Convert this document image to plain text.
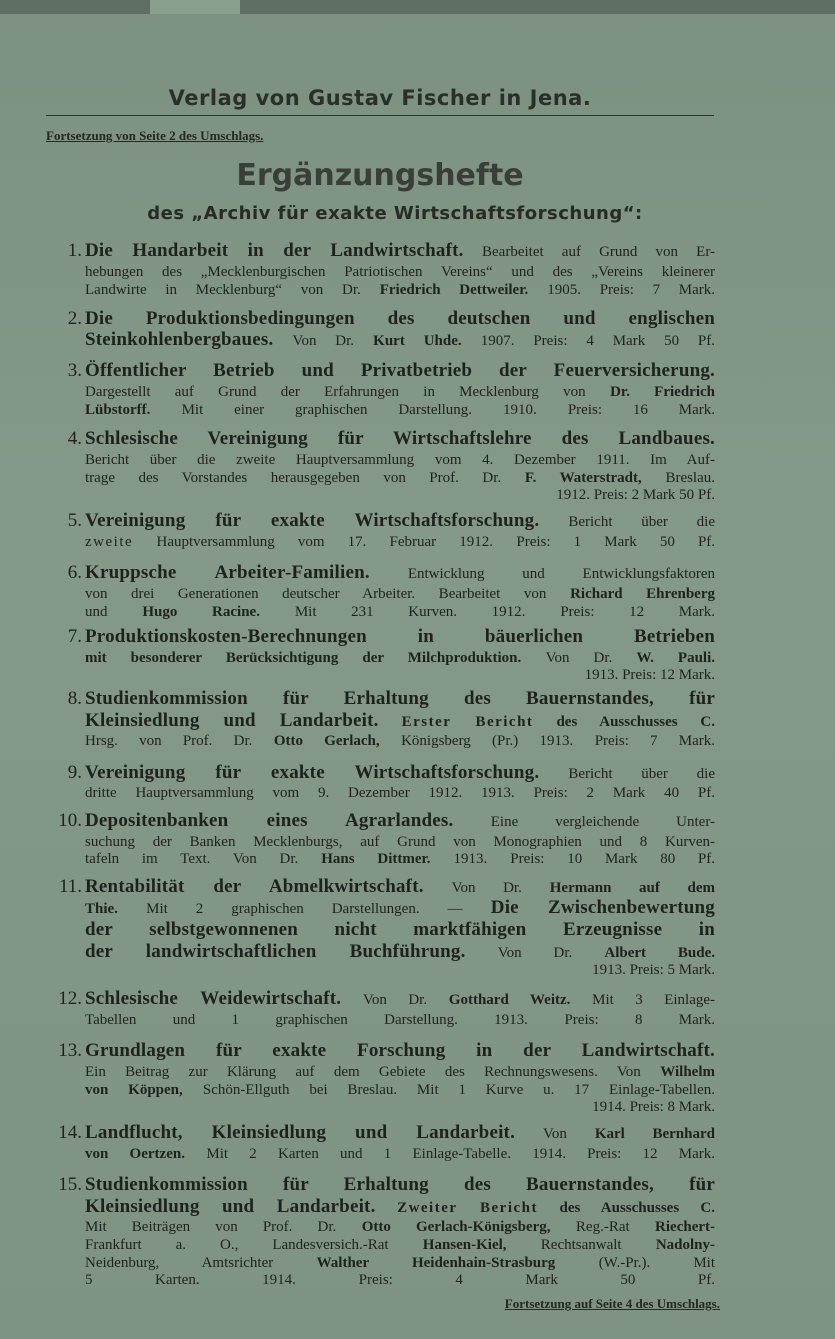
Verlag von Gustav Fischer in Jena.
Fortsetzung von Seite 2 des Umschlags.
Ergänzungshefte
des „Archiv für exakte Wirtschaftsforschung“:
1. Die Handarbeit in der Landwirtschaft. Bearbeitet auf Grund von Er-
hebungen des „Mecklenburgischen Patriotischen Vereins“ und des „Vereins kleinerer
Landwirte in Mecklenburg“ von Dr. Friedrich Dettweiler. 1905. Preis: 7 Mark.
2. Die Produktionsbedingungen des deutschen und englischen
Steinkohlenbergbaues. Von Dr. Kurt Uhde. 1907. Preis: 4 Mark 50 Pf.
3. Öffentlicher Betrieb und Privatbetrieb der Feuerversicherung.
Dargestellt auf Grund der Erfahrungen in Mecklenburg von Dr. Friedrich
Lübstorff. Mit einer graphischen Darstellung. 1910. Preis: 16 Mark.
4. Schlesische Vereinigung für Wirtschaftslehre des Landbaues.
Bericht über die zweite Hauptversammlung vom 4. Dezember 1911. Im Auf-
trage des Vorstandes herausgegeben von Prof. Dr. F. Waterstradt, Breslau.
1912. Preis: 2 Mark 50 Pf.
5. Vereinigung für exakte Wirtschaftsforschung. Bericht über die
zweite Hauptversammlung vom 17. Februar 1912. Preis: 1 Mark 50 Pf.
6. Kruppsche Arbeiter-Familien.	Entwicklung und Entwicklungsfaktoren
von drei Generationen deutscher Arbeiter. Bearbeitet von Richard Ehrenberg
und Hugo Racine. Mit 231 Kurven. 1912. Preis: 12 Mark.
7. Produktionskosten-Berechnungen in bäuerlichen Betrieben
mit besonderer Berücksichtigung der Milchproduktion. Von Dr. W. Pauli.
1913. Preis: 12 Mark.
8. Studienkommission für Erhaltung des Bauernstandes, für
Kleinsiedlung und Landarbeit. Erster Bericht des Ausschusses C.
Hrsg. von Prof. Dr. Otto Gerlach, Königsberg (Pr.) 1913. Preis: 7 Mark.
9. Vereinigung für exakte Wirtschaftsforschung. Bericht über die
dritte Hauptversammlung vom 9. Dezember 1912. 1913. Preis: 2 Mark 40 Pf.
10. Depositenbanken eines Agrarlandes. Eine vergleichende Unter-
suchung der Banken Mecklenburgs, auf Grund von Monographien und 8 Kurven-
tafeln im Text. Von Dr. Hans Dittmer. 1913. Preis: 10 Mark 80 Pf.
11. Rentabilität der Abmelkwirtschaft. Von Dr. Hermann auf dem
Thie. Mit 2 graphischen Darstellungen. — Die Zwischenbewertung
der selbstgewonnenen nicht marktfähigen Erzeugnisse in
der landwirtschaftlichen Buchführung. Von Dr. Albert Bude.
1913. Preis: 5 Mark.
12. Schlesische Weidewirtschaft. Von Dr. Gotthard Weitz. Mit 3 Einlage-
Tabellen und 1 graphischen Darstellung. 1913. Preis: 8 Mark.
13. Grundlagen für exakte Forschung in der Landwirtschaft.
Ein Beitrag zur Klärung auf dem Gebiete des Rechnungswesens. Von Wilhelm
von Köppen, Schön-Ellguth bei Breslau. Mit 1 Kurve u. 17 Einlage-Tabellen.
1914. Preis: 8 Mark.
14. Landflucht, Kleinsiedlung und Landarbeit. Von Karl Bernhard
von Oertzen. Mit 2 Karten und 1 Einlage-Tabelle. 1914. Preis: 12 Mark.
15. Studienkommission für Erhaltung des Bauernstandes, für
Kleinsiedlung und Landarbeit. Zweiter Bericht des Ausschusses C.
Mit Beiträgen von Prof. Dr. Otto Gerlach-Königsberg, Reg.-Rat Riechert-
Frankfurt a. O., Landesversich.-Rat Hansen-Kiel, Rechtsanwalt Nadolny-
Neidenburg, Amtsrichter	Walther Heidenhain-Strasburg	(W.-Pr.). Mit
5 Karten. 1914.	Preis: 4 Mark 50 Pf.
Fortsetzung auf Seite 4 des Umschlags.
